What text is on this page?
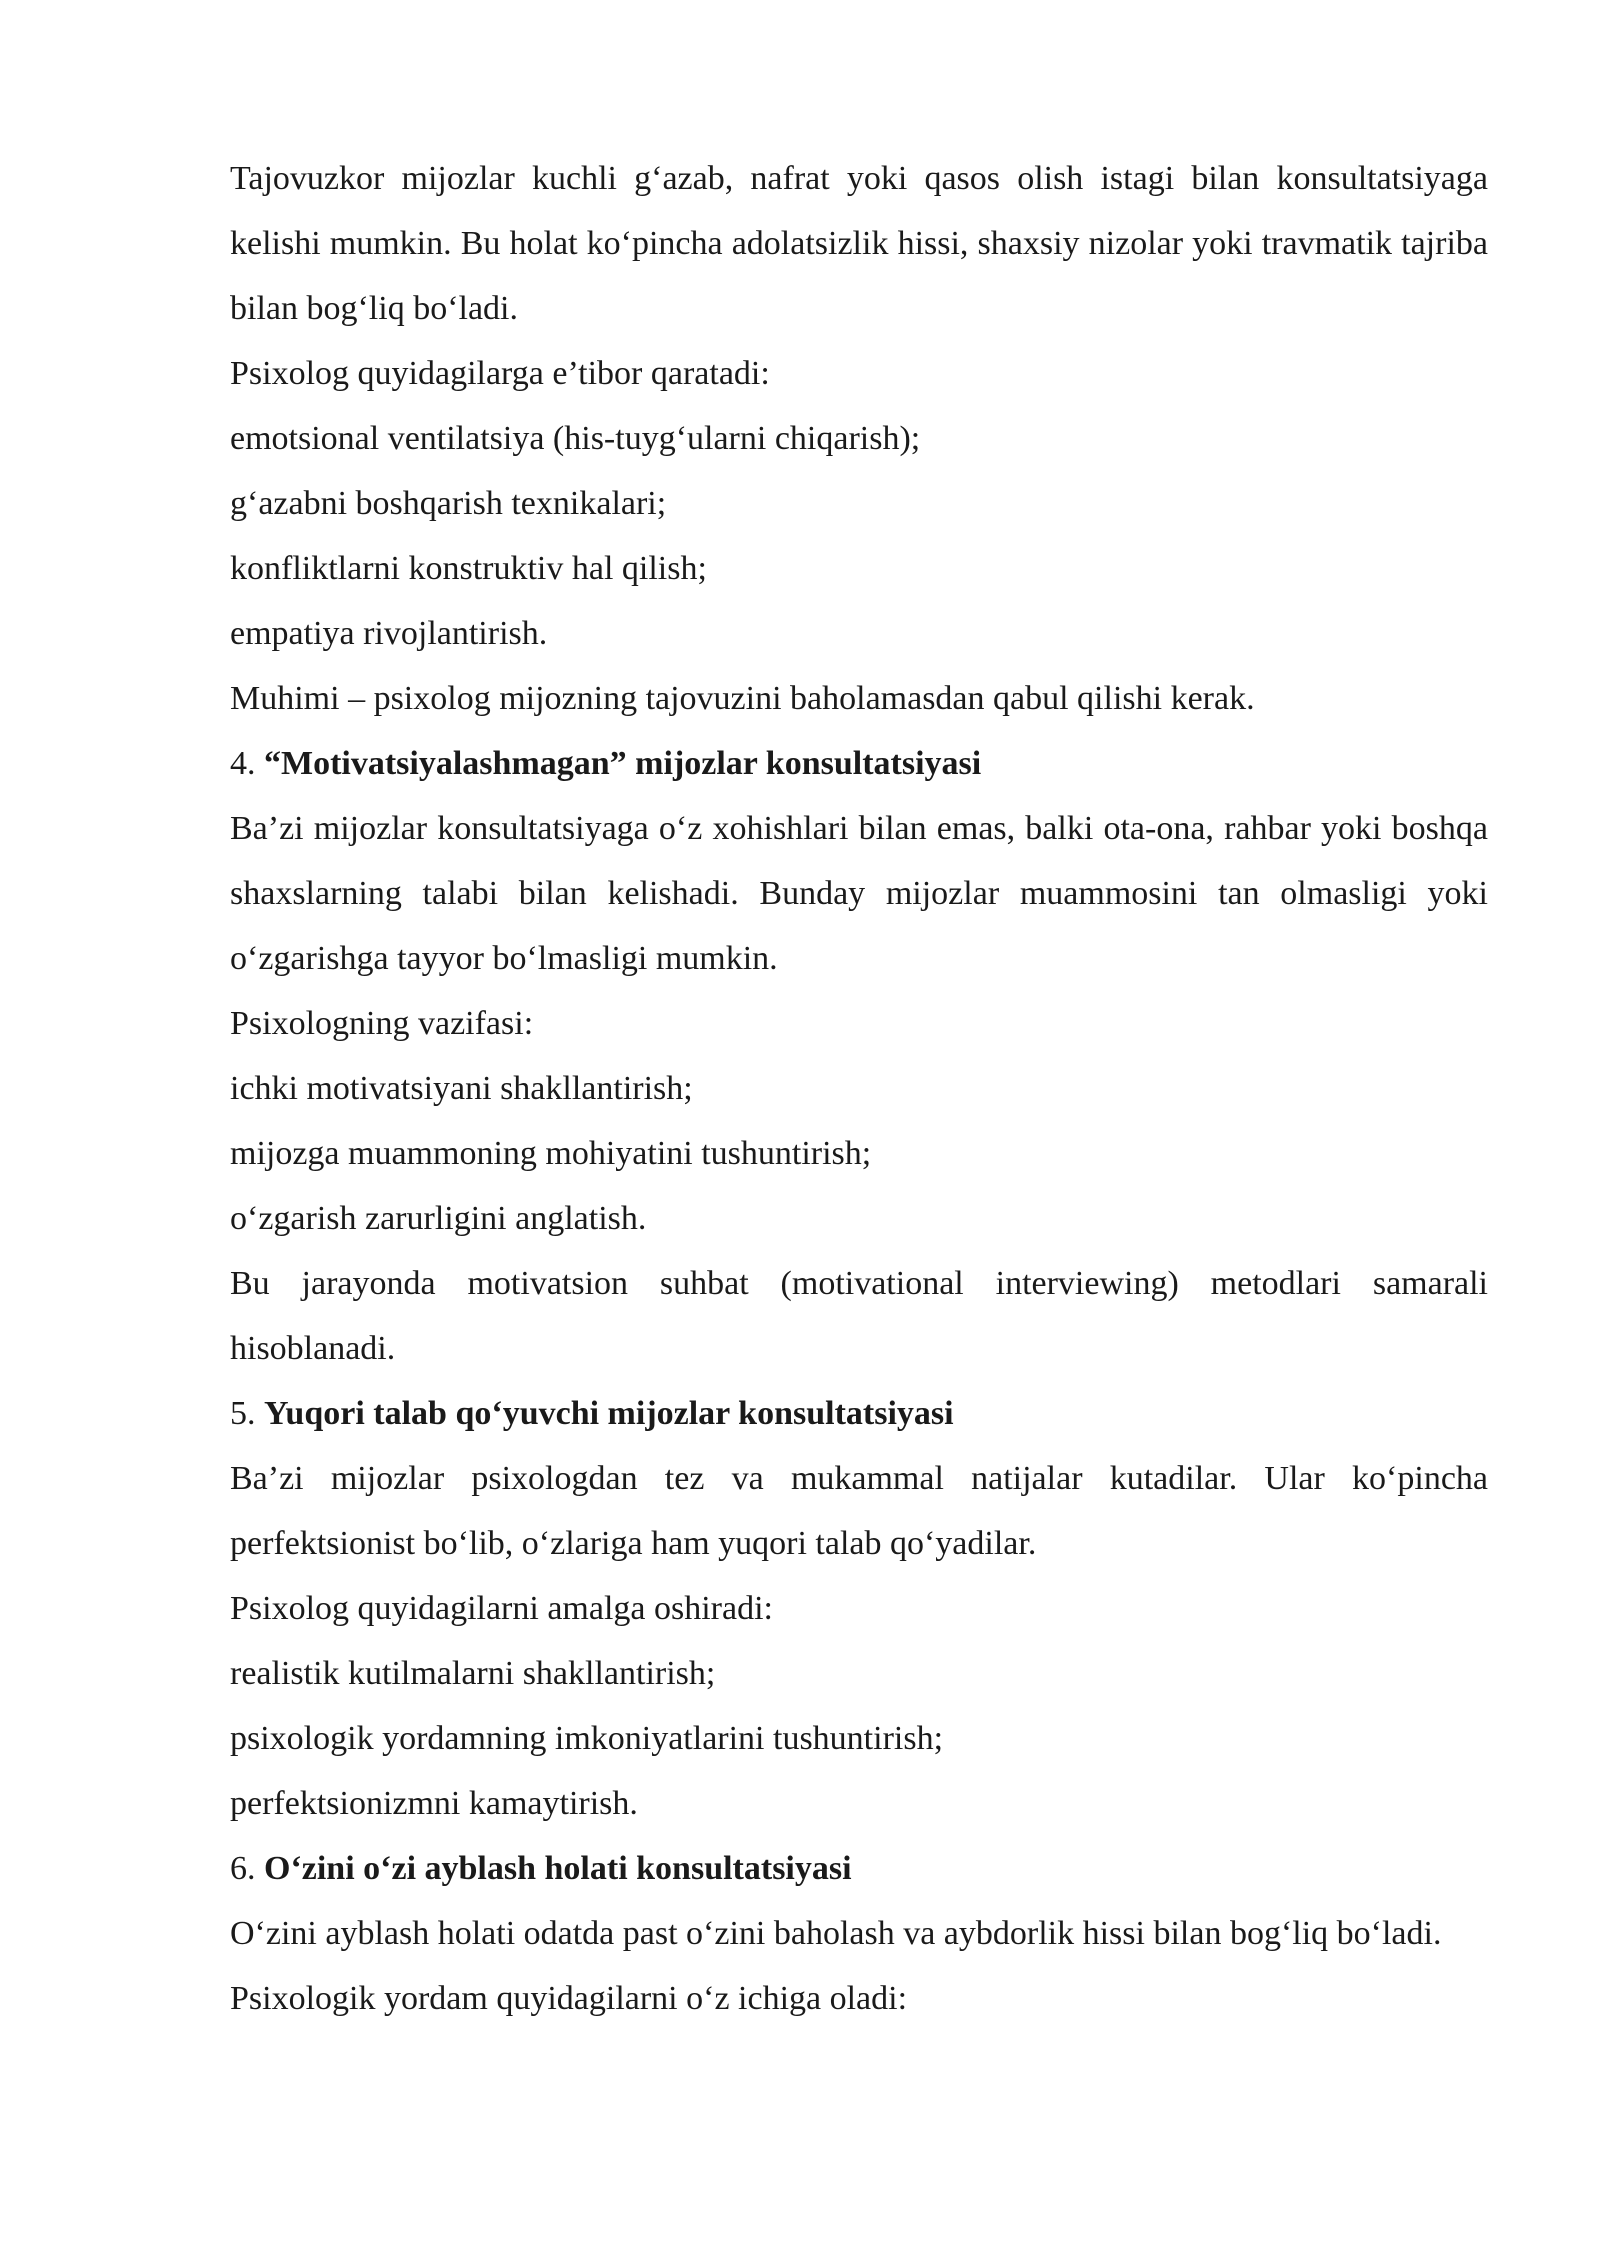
Tajovuzkor mijozlar kuchli g‘azab, nafrat yoki qasos olish istagi bilan konsultatsiyaga kelishi mumkin. Bu holat ko‘pincha adolatsizlik hissi, shaxsiy nizolar yoki travmatik tajriba bilan bog‘liq bo‘ladi.

Psixolog quyidagilarga e’tibor qaratadi:

emotsional ventilatsiya (his-tuyg‘ularni chiqarish);

g‘azabni boshqarish texnikalari;

konfliktlarni konstruktiv hal qilish;

empatiya rivojlantirish.

Muhimi – psixolog mijozning tajovuzini baholamasdan qabul qilishi kerak.

4. “Motivatsiyalashmagan” mijozlar konsultatsiyasi

Ba’zi mijozlar konsultatsiyaga o‘z xohishlari bilan emas, balki ota-ona, rahbar yoki boshqa shaxslarning talabi bilan kelishadi. Bunday mijozlar muammosini tan olmasligi yoki o‘zgarishga tayyor bo‘lmasligi mumkin.

Psixologning vazifasi:

ichki motivatsiyani shakllantirish;

mijozga muammoning mohiyatini tushuntirish;

o‘zgarish zarurligini anglatish.

Bu jarayonda motivatsion suhbat (motivational interviewing) metodlari samarali hisoblanadi.

5. Yuqori talab qo‘yuvchi mijozlar konsultatsiyasi

Ba’zi mijozlar psixologdan tez va mukammal natijalar kutadilar. Ular ko‘pincha perfektsionist bo‘lib, o‘zlariga ham yuqori talab qo‘yadilar.

Psixolog quyidagilarni amalga oshiradi:

realistik kutilmalarni shakllantirish;

psixologik yordamning imkoniyatlarini tushuntirish;

perfektsionizmni kamaytirish.

6. O‘zini o‘zi ayblash holati konsultatsiyasi

O‘zini ayblash holati odatda past o‘zini baholash va aybdorlik hissi bilan bog‘liq bo‘ladi.

Psixologik yordam quyidagilarni o‘z ichiga oladi:
